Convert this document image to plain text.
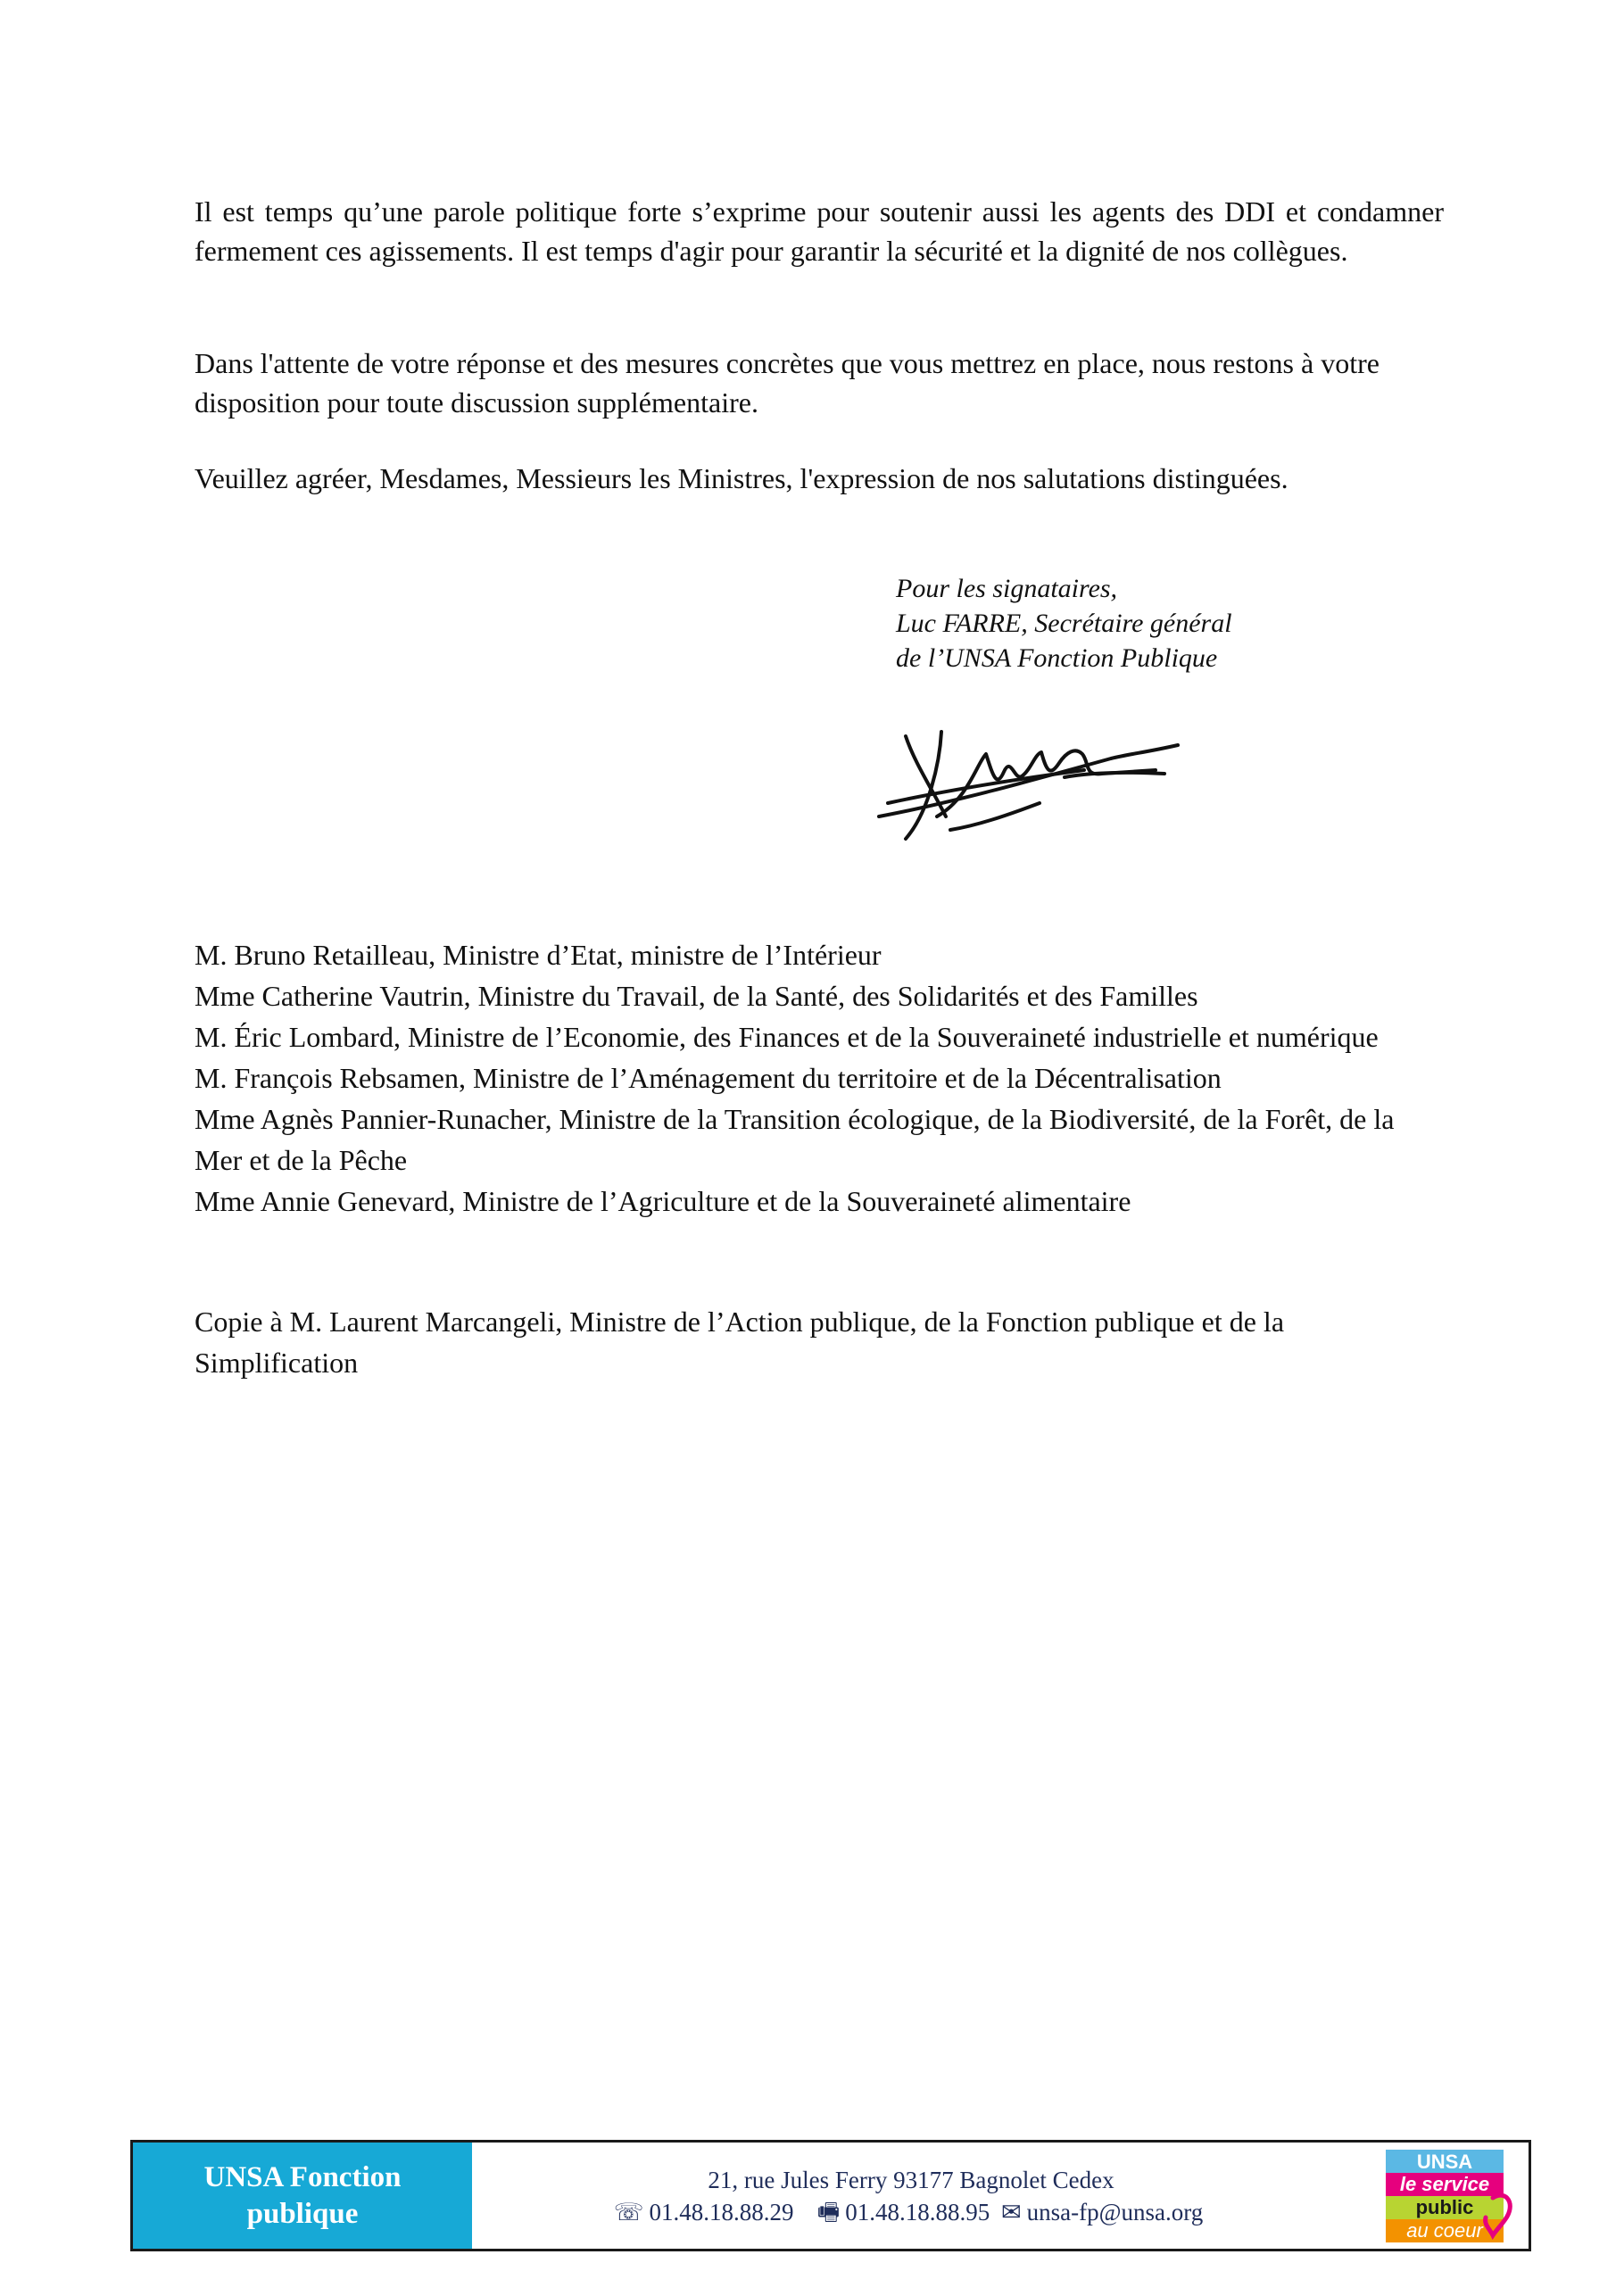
Il est temps qu’une parole politique forte s’exprime pour soutenir aussi les agents des DDI et condamner fermement ces agissements. Il est temps d'agir pour garantir la sécurité et la dignité de nos collègues.

Dans l'attente de votre réponse et des mesures concrètes que vous mettrez en place, nous restons à votre disposition pour toute discussion supplémentaire.

Veuillez agréer, Mesdames, Messieurs les Ministres, l'expression de nos salutations distinguées.

Pour les signataires,
Luc FARRE, Secrétaire général
de l’UNSA Fonction Publique

M. Bruno Retailleau, Ministre d’Etat, ministre de l’Intérieur

Mme Catherine Vautrin, Ministre du Travail, de la Santé, des Solidarités et des Familles

M. Éric Lombard, Ministre de l’Economie, des Finances et de la Souveraineté industrielle et numérique

M. François Rebsamen, Ministre de l’Aménagement du territoire et de la Décentralisation

Mme Agnès Pannier-Runacher, Ministre de la Transition écologique, de la Biodiversité, de la Forêt, de la Mer et de la Pêche

Mme Annie Genevard, Ministre de l’Agriculture et de la Souveraineté alimentaire

Copie à M. Laurent Marcangeli, Ministre de l’Action publique, de la Fonction publique et de la Simplification

UNSA Fonction
publique
21, rue Jules Ferry 93177 Bagnolet Cedex
☏ 01.48.18.88.29 🖷 01.48.18.88.95 ✉ unsa-fp@unsa.org
UNSA
le service
public
au coeur
